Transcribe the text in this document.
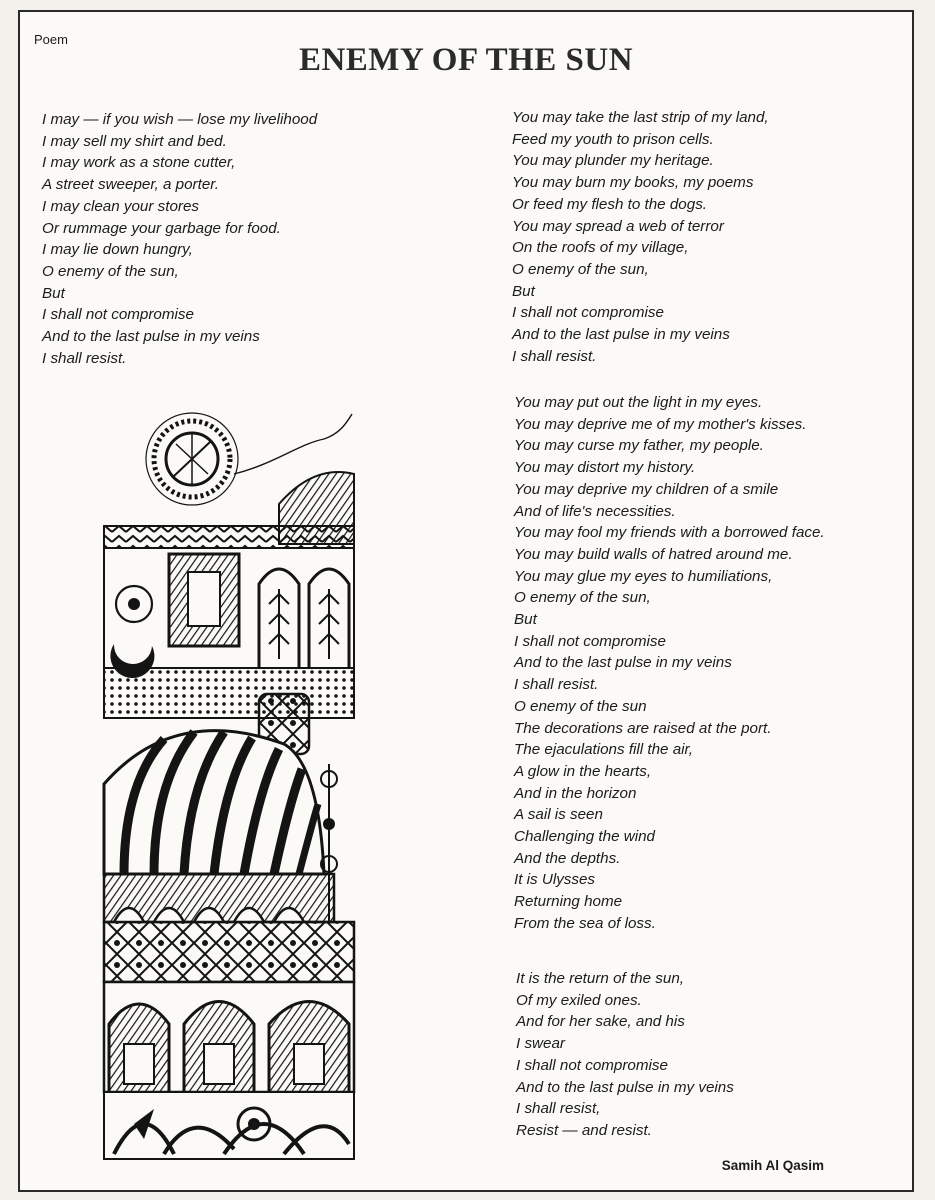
Poem
ENEMY OF THE SUN
I may — if you wish — lose my livelihood
I may sell my shirt and bed.
I may work as a stone cutter,
A street sweeper, a porter.
I may clean your stores
Or rummage your garbage for food.
I may lie down hungry,
O enemy of the sun,
But
I shall not compromise
And to the last pulse in my veins
I shall resist.
You may take the last strip of my land,
Feed my youth to prison cells.
You may plunder my heritage.
You may burn my books, my poems
Or feed my flesh to the dogs.
You may spread a web of terror
On the roofs of my village,
O enemy of the sun,
But
I shall not compromise
And to the last pulse in my veins
I shall resist.
You may put out the light in my eyes.
You may deprive me of my mother's kisses.
You may curse my father, my people.
You may distort my history.
You may deprive my children of a smile
And of life's necessities.
You may fool my friends with a borrowed face.
You may build walls of hatred around me.
You may glue my eyes to humiliations,
O enemy of the sun,
But
I shall not compromise
And to the last pulse in my veins
I shall resist.
O enemy of the sun
The decorations are raised at the port.
The ejaculations fill the air,
A glow in the hearts,
And in the horizon
A sail is seen
Challenging the wind
And the depths.
It is Ulysses
Returning home
From the sea of loss.
It is the return of the sun,
Of my exiled ones.
And for her sake, and his
I swear
I shall not compromise
And to the last pulse in my veins
I shall resist,
Resist — and resist.
Samih Al Qasim
